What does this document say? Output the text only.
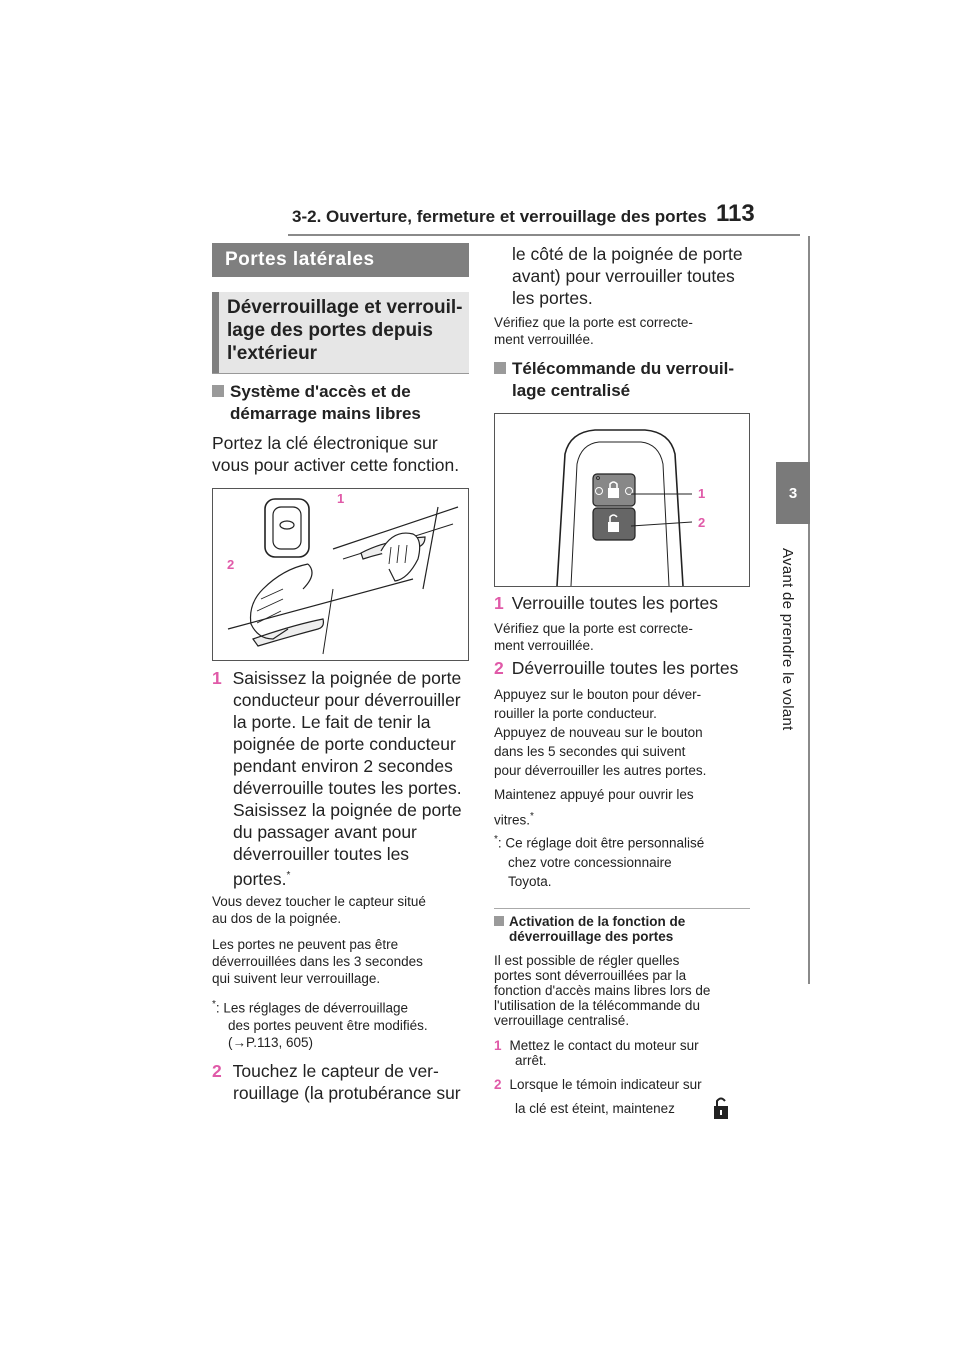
3-2. Ouverture, fermeture et verrouillage des portes 113
3
Avant de prendre le volant
Portes latérales
Déverrouillage et verrouil-
lage des portes depuis
l'extérieur
Système d'accès et de
démarrage mains libres
Portez la clé électronique sur
vous pour activer cette fonction.
1
2
1 Saisissez la poignée de porte
conducteur pour déverrouiller
la porte. Le fait de tenir la
poignée de porte conducteur
pendant environ 2 secondes
déverrouille toutes les portes.
Saisissez la poignée de porte
du passager avant pour
déverrouiller toutes les
portes.*
Vous devez toucher le capteur situé
au dos de la poignée.
Les portes ne peuvent pas être
déverrouillées dans les 3 secondes
qui suivent leur verrouillage.
*: Les réglages de déverrouillage
des portes peuvent être modifiés.
(→P.113, 605)
2 Touchez le capteur de ver-
rouillage (la protubérance sur
le côté de la poignée de porte
avant) pour verrouiller toutes
les portes.
Vérifiez que la porte est correcte-
ment verrouillée.
Télécommande du verrouil-
lage centralisé
1
2
1 Verrouille toutes les portes
Vérifiez que la porte est correcte-
ment verrouillée.
2 Déverrouille toutes les portes
Appuyez sur le bouton pour déver-
rouiller la porte conducteur.
Appuyez de nouveau sur le bouton
dans les 5 secondes qui suivent
pour déverrouiller les autres portes.
Maintenez appuyé pour ouvrir les
vitres.*
*: Ce réglage doit être personnalisé
chez votre concessionnaire
Toyota.
Activation de la fonction de
déverrouillage des portes
Il est possible de régler quelles
portes sont déverrouillées par la
fonction d'accès mains libres lors de
l'utilisation de la télécommande du
verrouillage centralisé.
1 Mettez le contact du moteur sur
arrêt.
2 Lorsque le témoin indicateur sur
la clé est éteint, maintenez
